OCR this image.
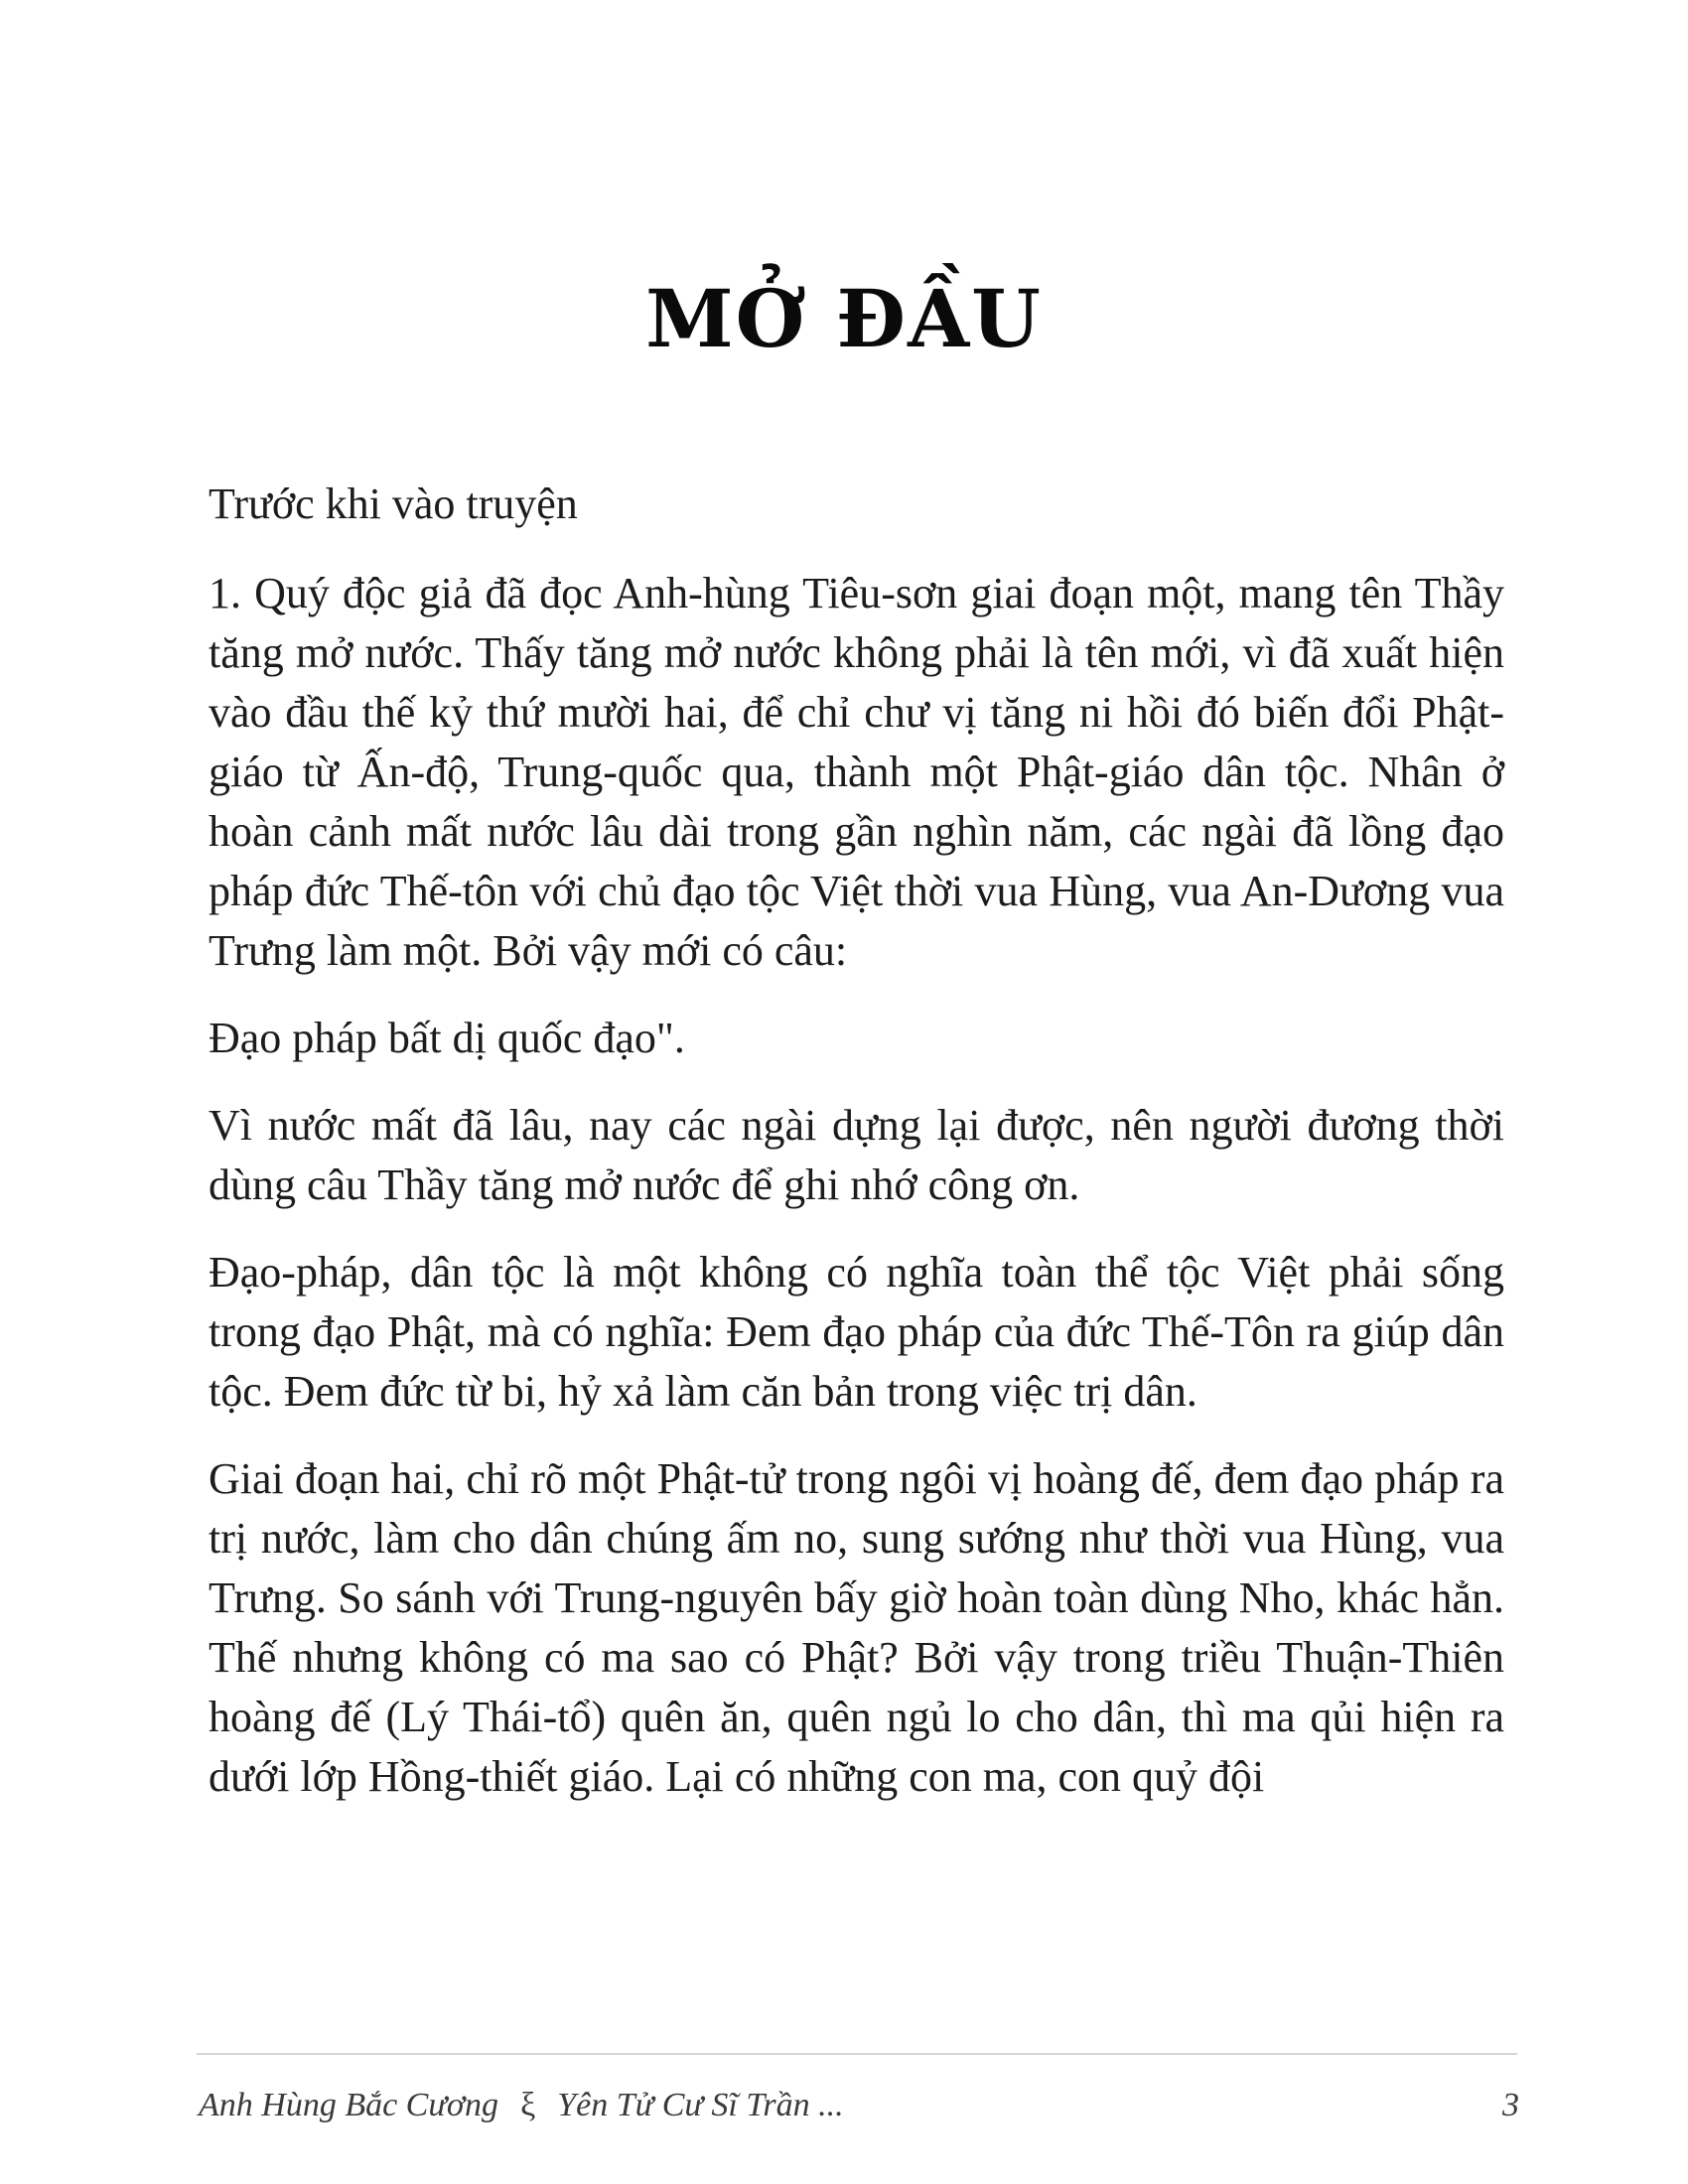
MỞ ĐẦU

Trước khi vào truyện

1. Quý độc giả đã đọc Anh-hùng Tiêu-sơn giai đoạn một, mang tên Thầy tăng mở nước. Thấy tăng mở nước không phải là tên mới, vì đã xuất hiện vào đầu thế kỷ thứ mười hai, để chỉ chư vị tăng ni hồi đó biến đổi Phật-giáo từ Ấn-độ, Trung-quốc qua, thành một Phật-giáo dân tộc. Nhân ở hoàn cảnh mất nước lâu dài trong gần nghìn năm, các ngài đã lồng đạo pháp đức Thế-tôn với chủ đạo tộc Việt thời vua Hùng, vua An-Dương vua Trưng làm một. Bởi vậy mới có câu:

Đạo pháp bất dị quốc đạo".

Vì nước mất đã lâu, nay các ngài dựng lại được, nên người đương thời dùng câu Thầy tăng mở nước để ghi nhớ công ơn.

Đạo-pháp, dân tộc là một không có nghĩa toàn thể tộc Việt phải sống trong đạo Phật, mà có nghĩa: Đem đạo pháp của đức Thế-Tôn ra giúp dân tộc. Đem đức từ bi, hỷ xả làm căn bản trong việc trị dân.

Giai đoạn hai, chỉ rõ một Phật-tử trong ngôi vị hoàng đế, đem đạo pháp ra trị nước, làm cho dân chúng ấm no, sung sướng như thời vua Hùng, vua Trưng. So sánh với Trung-nguyên bấy giờ hoàn toàn dùng Nho, khác hẳn. Thế nhưng không có ma sao có Phật? Bởi vậy trong triều Thuận-Thiên hoàng đế (Lý Thái-tổ) quên ăn, quên ngủ lo cho dân, thì ma qủi hiện ra dưới lớp Hồng-thiết giáo. Lại có những con ma, con quỷ đội

Anh Hùng Bắc Cương ξ Yên Tử Cư Sĩ Trần ...	3
